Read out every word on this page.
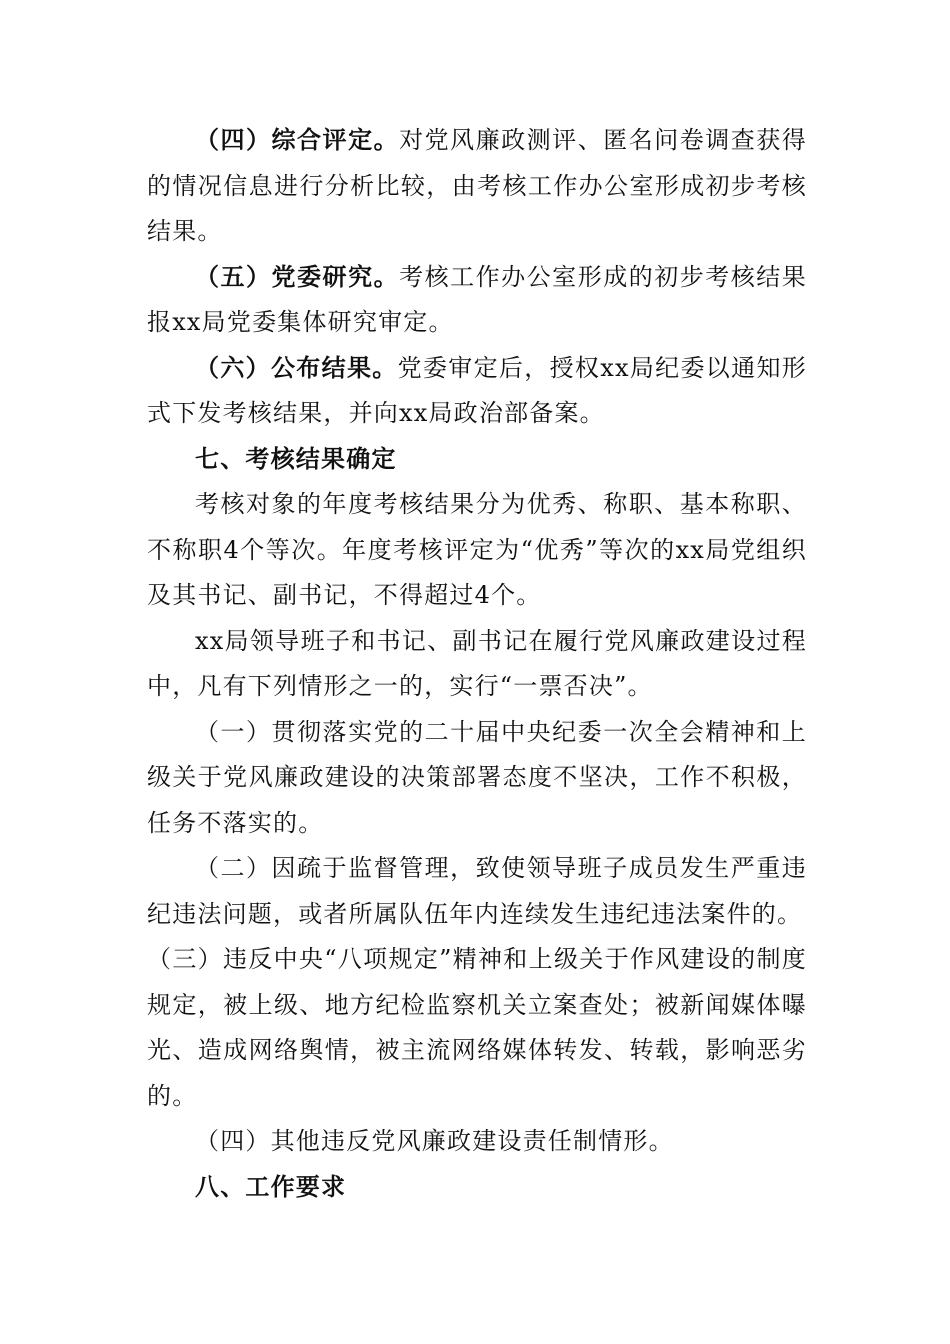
（四）综合评定。对党风廉政测评、匿名问卷调查获得的情况信息进行分析比较，由考核工作办公室形成初步考核结果。

（五）党委研究。考核工作办公室形成的初步考核结果报xx局党委集体研究审定。

（六）公布结果。党委审定后，授权xx局纪委以通知形式下发考核结果，并向xx局政治部备案。

七、考核结果确定

考核对象的年度考核结果分为优秀、称职、基本称职、不称职4个等次。年度考核评定为“优秀”等次的xx局党组织及其书记、副书记，不得超过4个。

xx局领导班子和书记、副书记在履行党风廉政建设过程中，凡有下列情形之一的，实行“一票否决”。

（一）贯彻落实党的二十届中央纪委一次全会精神和上级关于党风廉政建设的决策部署态度不坚决，工作不积极，任务不落实的。

（二）因疏于监督管理，致使领导班子成员发生严重违纪违法问题，或者所属队伍年内连续发生违纪违法案件的。

（三）违反中央“八项规定”精神和上级关于作风建设的制度规定，被上级、地方纪检监察机关立案查处；被新闻媒体曝光、造成网络舆情，被主流网络媒体转发、转载，影响恶劣的。

（四）其他违反党风廉政建设责任制情形。

八、工作要求
